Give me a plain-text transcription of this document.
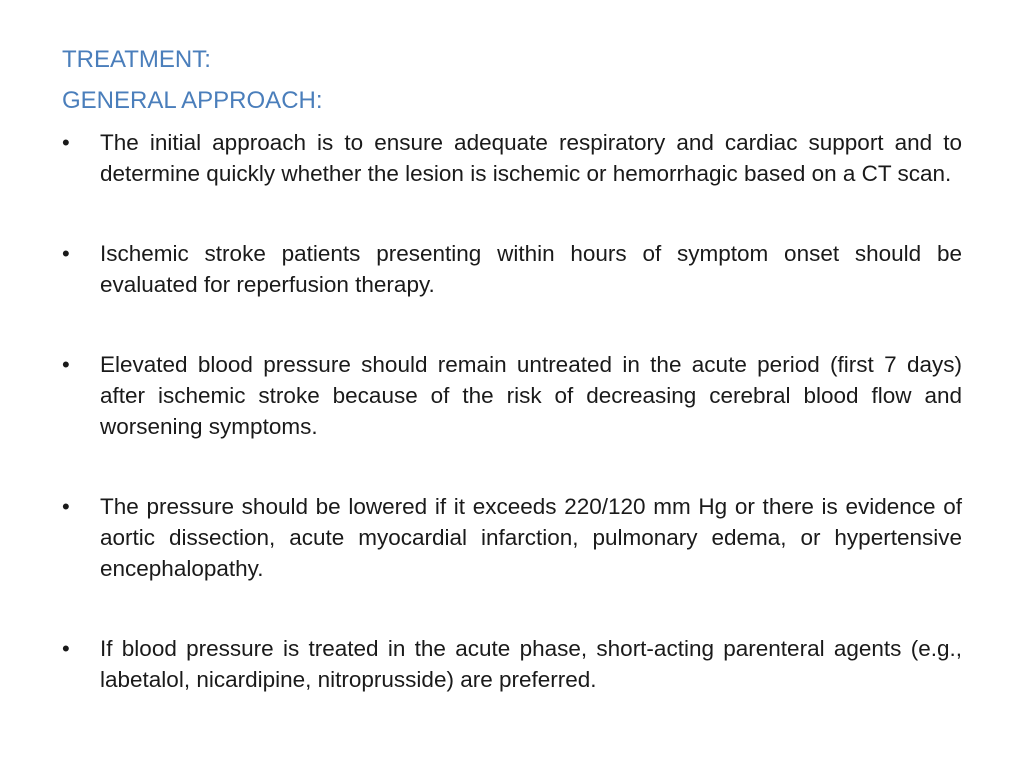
TREATMENT:
GENERAL APPROACH:
•	The initial approach is to ensure adequate respiratory and cardiac support and to determine quickly whether the lesion is ischemic or hemorrhagic based on a CT scan.
•	Ischemic stroke patients presenting within hours of symptom onset should be evaluated for reperfusion therapy.
•	Elevated blood pressure should remain untreated in the acute period (first 7 days) after ischemic stroke because of the risk of decreasing cerebral blood flow and worsening symptoms.
•	The pressure should be lowered if it exceeds 220/120 mm Hg or there is evidence of aortic dissection, acute myocardial infarction, pulmonary edema, or hypertensive encephalopathy.
•	If blood pressure is treated in the acute phase, short-acting parenteral agents (e.g., labetalol, nicardipine, nitroprusside) are preferred.
